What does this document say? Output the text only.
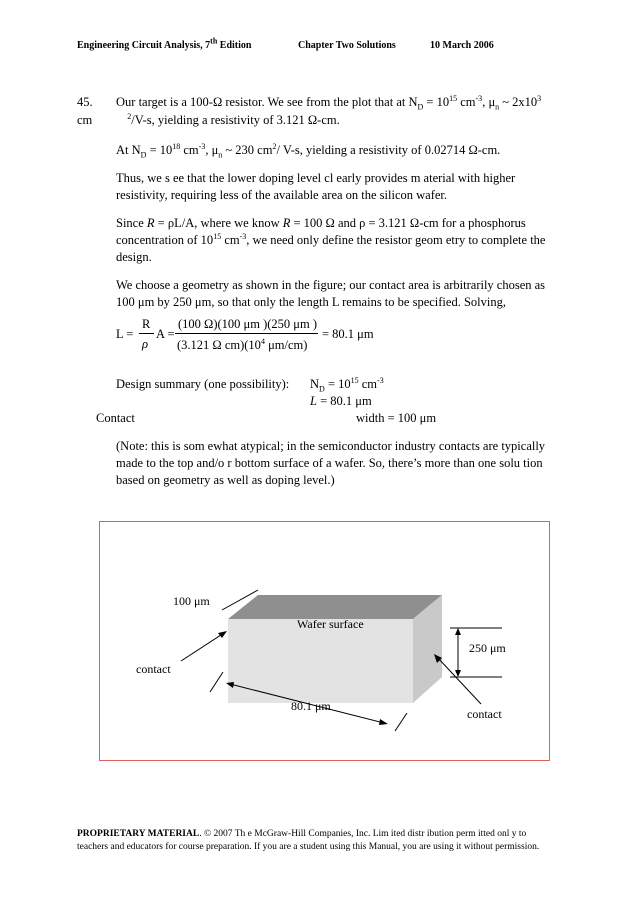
Engineering Circuit Analysis, 7th Edition	Chapter Two Solutions	10 March 2006
45. Our target is a 100-Ω resistor. We see from the plot that at $N_D = 10^{15}$ $cm^{-3}$, $\mu_n$ ~ $2x10^3$
cm	$^2$/V-s, yielding a resistivity of 3.121 Ω-cm.
At $N_D = 10^{18}$ $cm^{-3}$, $\mu_n$ ~ 230 $cm^2/$ V-s, yielding a resistivity of 0.02714 Ω-cm.
Thus, we s ee that the lower doping level cl early provides m aterial with higher
resistivity, requiring less of the available area on the silicon wafer.
Since R = ρL/A, where we know R = 100 Ω and ρ = 3.121 Ω-cm for a phosphorus
concentration of $10^{15}$ $cm^{-3}$, we need only define the resistor geom etry to complete the
design.
We choose a geometry as shown in the figure; our contact area is arbitrarily chosen as
100 μm by 250 μm, so that only the length L remains to be specified. Solving,
L =
R
ρ
A =
(100 Ω)(100 μm )(250 μm )
(3.121 Ω $cm)(10^4$ μm/cm)
= 80.1 μm
Design summary (one possibility): $N_D = 10^{15}$ $cm^{-3}$
L = 80.1 μm
Contact	width = 100 μm
(Note: this is som ewhat atypical; in the semiconductor industry contacts are typically
made to the top and/o r bottom surface of a wafer. So, there’s more than one solu tion
based on geometry as well as doping level.)
100 μm
Wafer surface
250 μm
contact
80.1 μm
contact
PROPRIETARY MATERIAL. © 2007 Th e McGraw-Hill Companies, Inc. Lim ited distr ibution perm itted onl y to
teachers and educators for course preparation. If you are a student using this Manual, you are using it without permission.
